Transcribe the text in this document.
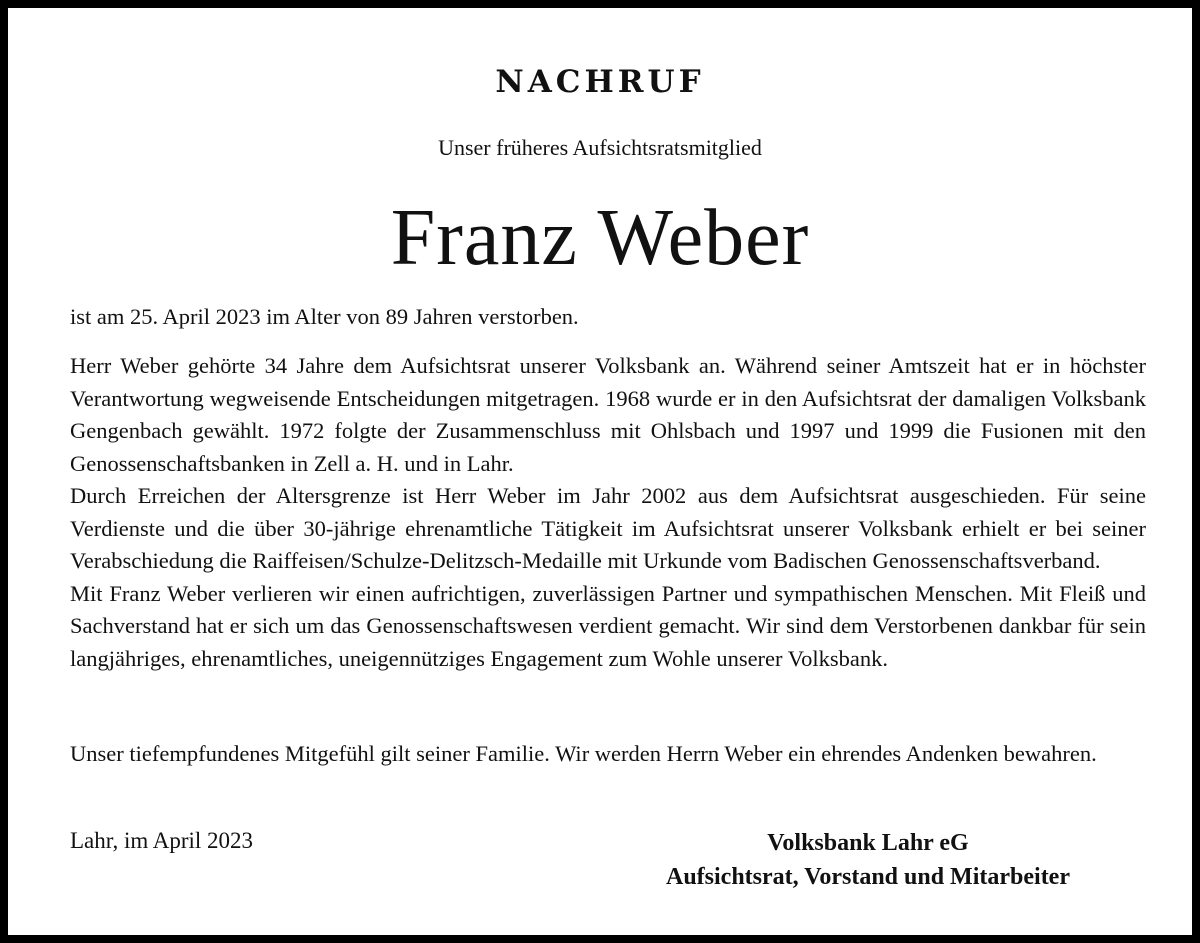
NACHRUF
Unser früheres Aufsichtsratsmitglied
Franz Weber

ist am 25. April 2023 im Alter von 89 Jahren verstorben.

Herr Weber gehörte 34 Jahre dem Aufsichtsrat unserer Volksbank an. Während seiner Amtszeit hat er in höchster Verantwortung wegweisende Entscheidungen mitgetragen. 1968 wurde er in den Aufsichtsrat der damaligen Volksbank Gengenbach gewählt. 1972 folgte der Zusammenschluss mit Ohlsbach und 1997 und 1999 die Fusionen mit den Genossenschaftsbanken in Zell a. H. und in Lahr.

Durch Erreichen der Altersgrenze ist Herr Weber im Jahr 2002 aus dem Aufsichtsrat ausgeschieden. Für seine Verdienste und die über 30-jährige ehrenamtliche Tätigkeit im Aufsichtsrat unserer Volksbank erhielt er bei seiner Verabschiedung die Raiffeisen/Schulze-Delitzsch-Medaille mit Urkunde vom Badischen Genossenschaftsverband.

Mit Franz Weber verlieren wir einen aufrichtigen, zuverlässigen Partner und sympathischen Menschen. Mit Fleiß und Sachverstand hat er sich um das Genossenschaftswesen verdient gemacht. Wir sind dem Verstorbenen dankbar für sein langjähriges, ehrenamtliches, uneigennütziges Engagement zum Wohle unserer Volksbank.

Unser tiefempfundenes Mitgefühl gilt seiner Familie. Wir werden Herrn Weber ein ehrendes Andenken bewahren.

Lahr, im April 2023	Volksbank Lahr eG
Aufsichtsrat, Vorstand und Mitarbeiter
